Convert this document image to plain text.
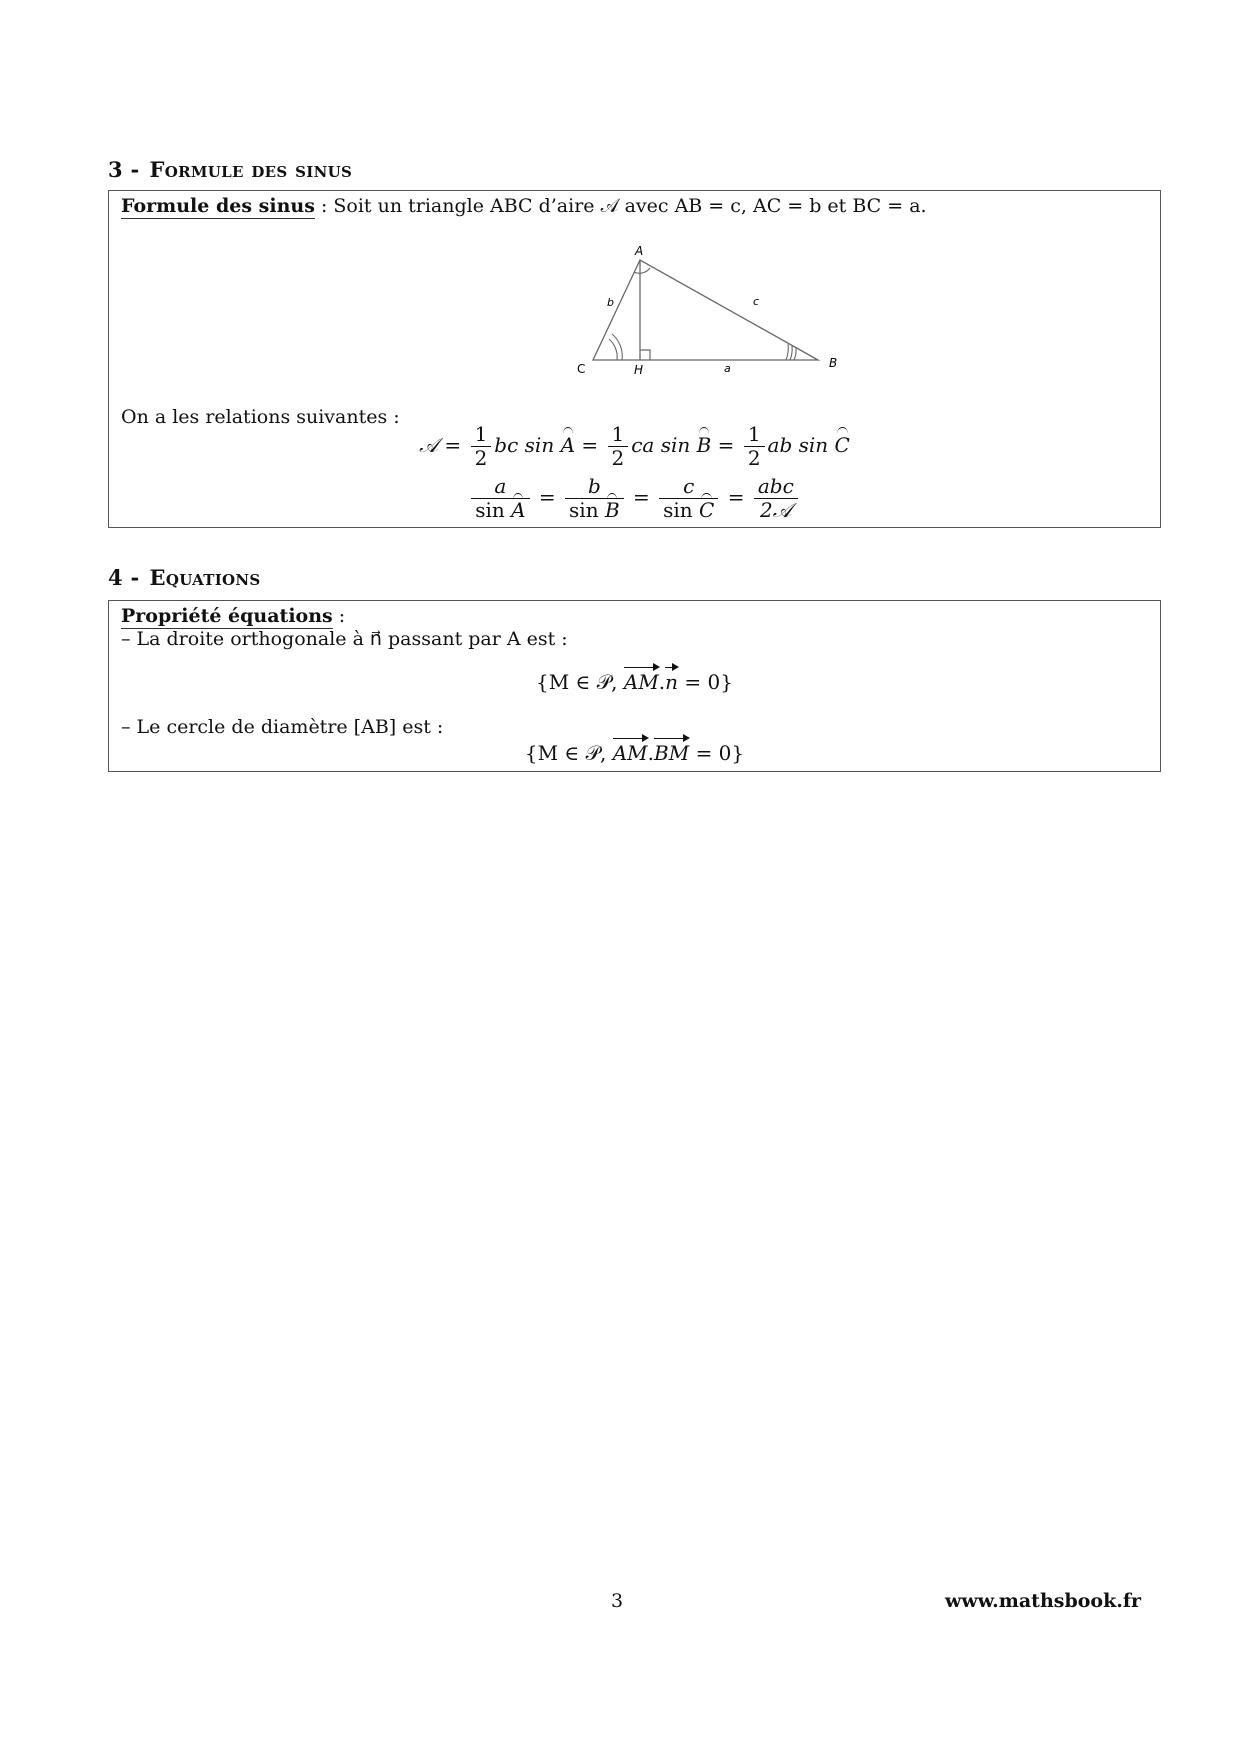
3 - Formule des sinus
Formule des sinus : Soit un triangle ABC d’aire 𝒜 avec AB = c, AC = b et BC = a.
A
B
C	H	a
b	c
On a les relations suivantes :
𝒜 = $\frac{1}{2}$ bc $\sin A = \frac{1}{2}$ ca $\sin B = \frac{1}{2}$ ab sin C
$\frac{a}{\text{sin A}} = \frac{b}{\text{sin B}} = \frac{c}{\text{sin C}} = \frac{\text{abc}}{\text{2𝒜}}$
4 - Equations
Propriété équations :
– La droite orthogonale à n⃗ passant par A est :
{M ∈ 𝒫, AM.n = 0}
– Le cercle de diamètre [AB] est :
{M ∈ 𝒫, AM.BM = 0}
3	www.mathsbook.fr
